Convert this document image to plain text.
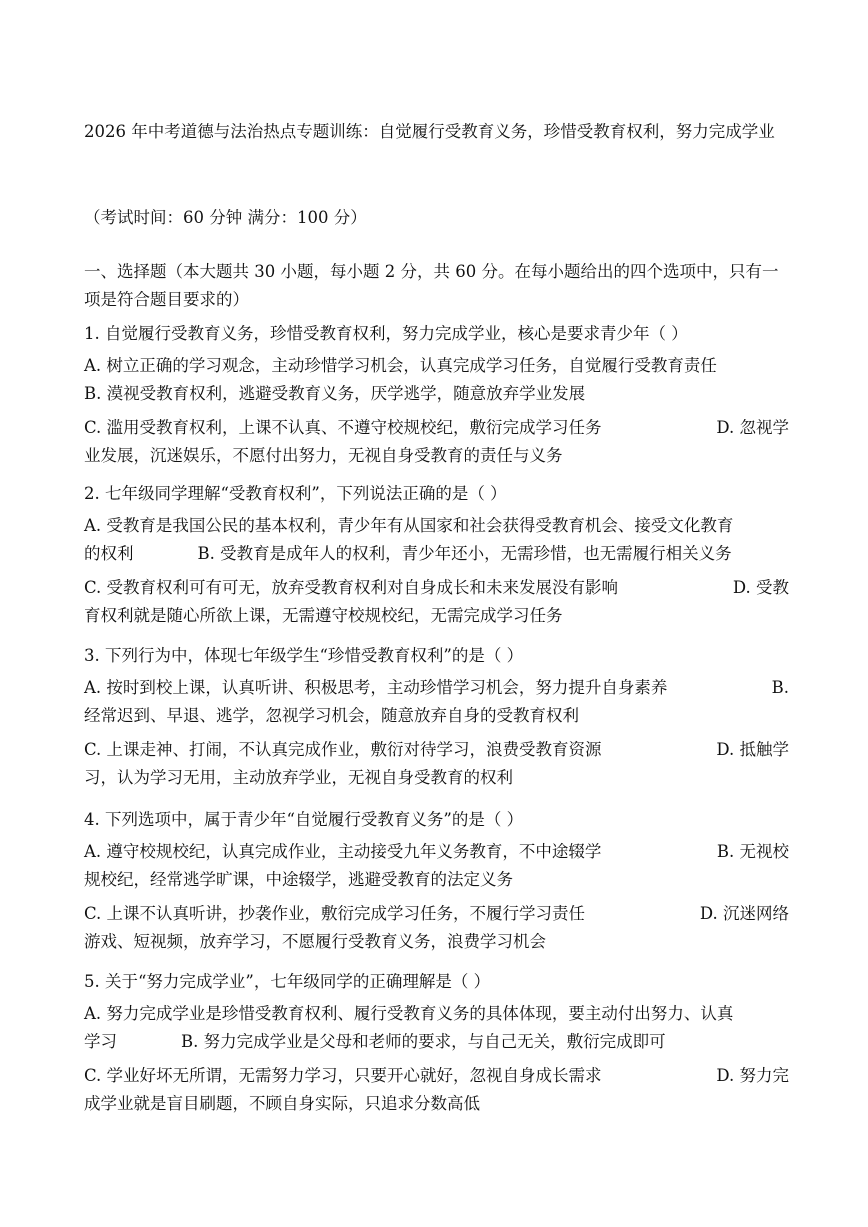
2026 年中考道德与法治热点专题训练：自觉履行受教育义务，珍惜受教育权利，努力完成学业
（考试时间：60 分钟 满分：100 分）
一、选择题（本大题共 30 小题，每小题 2 分，共 60 分。在每小题给出的四个选项中，只有一项是符合题目要求的）
1. 自觉履行受教育义务，珍惜受教育权利，努力完成学业，核心是要求青少年（ ）
A. 树立正确的学习观念，主动珍惜学习机会，认真完成学习任务，自觉履行受教育责任
B. 漠视受教育权利，逃避受教育义务，厌学逃学，随意放弃学业发展
C. 滥用受教育权利，上课不认真、不遵守校规校纪，敷衍完成学习任务	D. 忽视学
业发展，沉迷娱乐，不愿付出努力，无视自身受教育的责任与义务
2. 七年级同学理解“受教育权利”，下列说法正确的是（ ）
A. 受教育是我国公民的基本权利，青少年有从国家和社会获得受教育机会、接受文化教育
的权利	B. 受教育是成年人的权利，青少年还小，无需珍惜，也无需履行相关义务
C. 受教育权利可有可无，放弃受教育权利对自身成长和未来发展没有影响	D. 受教
育权利就是随心所欲上课，无需遵守校规校纪，无需完成学习任务
3. 下列行为中，体现七年级学生“珍惜受教育权利”的是（ ）
A. 按时到校上课，认真听讲、积极思考，主动珍惜学习机会，努力提升自身素养	B.
经常迟到、早退、逃学，忽视学习机会，随意放弃自身的受教育权利
C. 上课走神、打闹，不认真完成作业，敷衍对待学习，浪费受教育资源	D. 抵触学
习，认为学习无用，主动放弃学业，无视自身受教育的权利
4. 下列选项中，属于青少年“自觉履行受教育义务”的是（ ）
A. 遵守校规校纪，认真完成作业，主动接受九年义务教育，不中途辍学	B. 无视校
规校纪，经常逃学旷课，中途辍学，逃避受教育的法定义务
C. 上课不认真听讲，抄袭作业，敷衍完成学习任务，不履行学习责任	D. 沉迷网络
游戏、短视频，放弃学习，不愿履行受教育义务，浪费学习机会
5. 关于“努力完成学业”，七年级同学的正确理解是（ ）
A. 努力完成学业是珍惜受教育权利、履行受教育义务的具体体现，要主动付出努力、认真
学习	B. 努力完成学业是父母和老师的要求，与自己无关，敷衍完成即可
C. 学业好坏无所谓，无需努力学习，只要开心就好，忽视自身成长需求	D. 努力完
成学业就是盲目刷题，不顾自身实际，只追求分数高低
